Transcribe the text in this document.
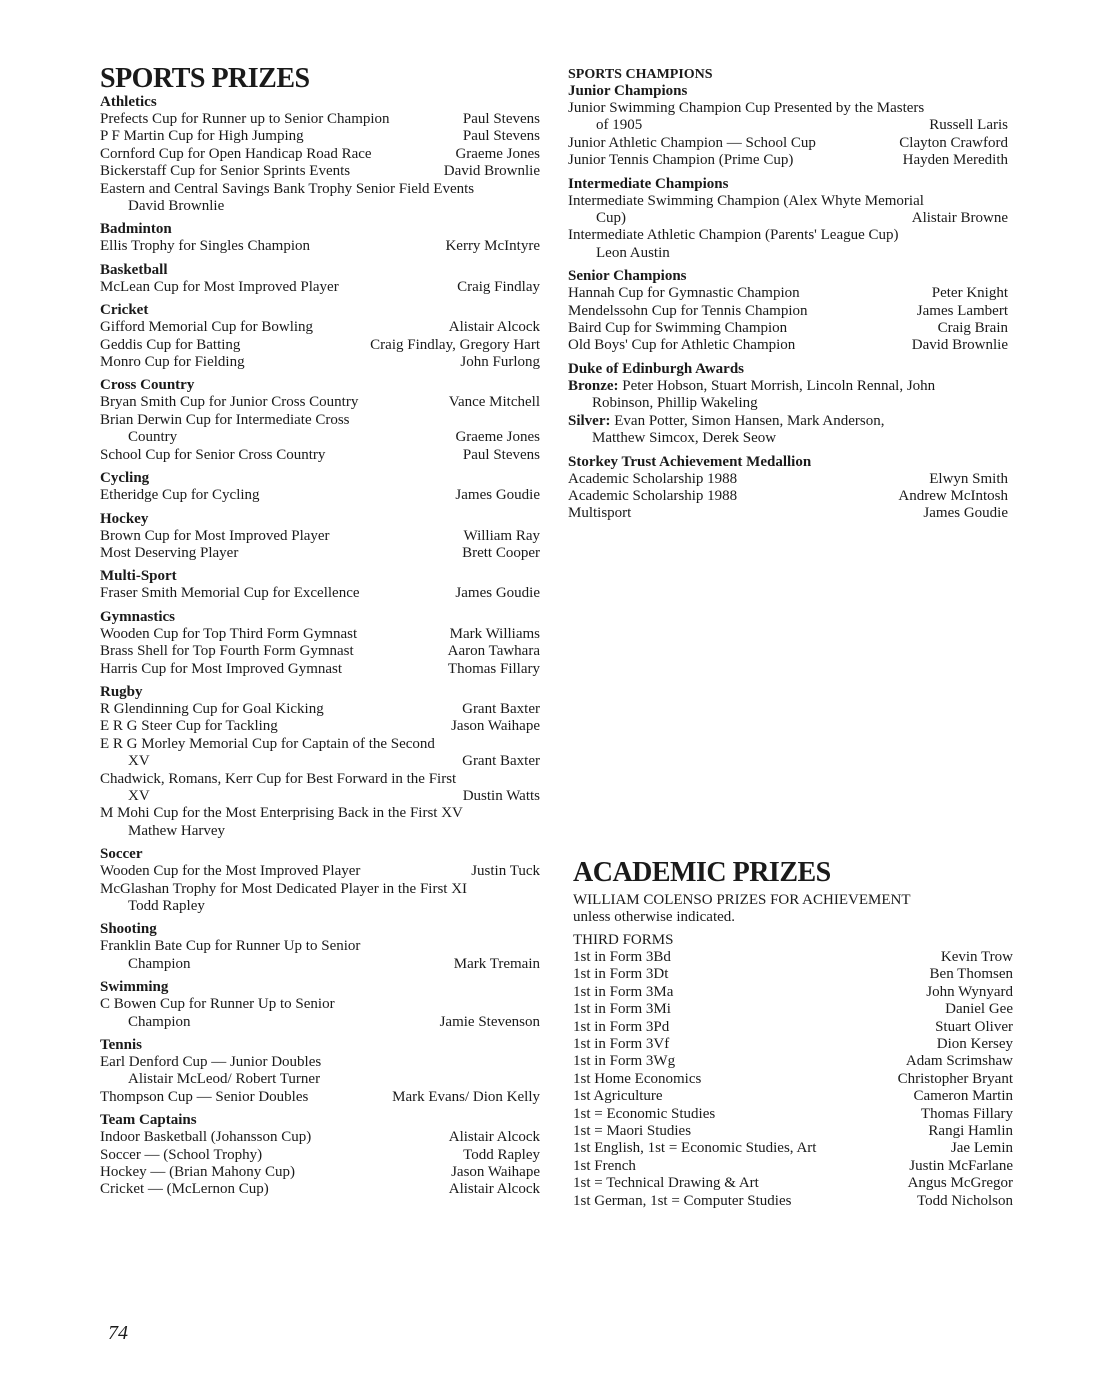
SPORTS PRIZES
Athletics
Prefects Cup for Runner up to Senior Champion	Paul Stevens
P F Martin Cup for High Jumping	Paul Stevens
Cornford Cup for Open Handicap Road Race	Graeme Jones
Bickerstaff Cup for Senior Sprints Events	David Brownlie
Eastern and Central Savings Bank Trophy Senior Field Events
David Brownlie
Badminton
Ellis Trophy for Singles Champion	Kerry McIntyre
Basketball
McLean Cup for Most Improved Player	Craig Findlay
Cricket
Gifford Memorial Cup for Bowling	Alistair Alcock
Geddis Cup for Batting	Craig Findlay, Gregory Hart
Monro Cup for Fielding	John Furlong
Cross Country
Bryan Smith Cup for Junior Cross Country	Vance Mitchell
Brian Derwin Cup for Intermediate Cross
Country	Graeme Jones
School Cup for Senior Cross Country	Paul Stevens
Cycling
Etheridge Cup for Cycling	James Goudie
Hockey
Brown Cup for Most Improved Player	William Ray
Most Deserving Player	Brett Cooper
Multi-Sport
Fraser Smith Memorial Cup for Excellence	James Goudie
Gymnastics
Wooden Cup for Top Third Form Gymnast	Mark Williams
Brass Shell for Top Fourth Form Gymnast	Aaron Tawhara
Harris Cup for Most Improved Gymnast	Thomas Fillary
Rugby
R Glendinning Cup for Goal Kicking	Grant Baxter
E R G Steer Cup for Tackling	Jason Waihape
E R G Morley Memorial Cup for Captain of the Second
XV	Grant Baxter
Chadwick, Romans, Kerr Cup for Best Forward in the First
XV	Dustin Watts
M Mohi Cup for the Most Enterprising Back in the First XV
Mathew Harvey
Soccer
Wooden Cup for the Most Improved Player	Justin Tuck
McGlashan Trophy for Most Dedicated Player in the First XI
Todd Rapley
Shooting
Franklin Bate Cup for Runner Up to Senior
Champion	Mark Tremain
Swimming
C Bowen Cup for Runner Up to Senior
Champion	Jamie Stevenson
Tennis
Earl Denford Cup — Junior Doubles
Alistair McLeod/ Robert Turner
Thompson Cup — Senior Doubles	Mark Evans/ Dion Kelly
Team Captains
Indoor Basketball (Johansson Cup)	Alistair Alcock
Soccer — (School Trophy)	Todd Rapley
Hockey — (Brian Mahony Cup)	Jason Waihape
Cricket — (McLernon Cup)	Alistair Alcock
SPORTS CHAMPIONS
Junior Champions
Junior Swimming Champion Cup Presented by the Masters
of 1905	Russell Laris
Junior Athletic Champion — School Cup	Clayton Crawford
Junior Tennis Champion (Prime Cup)	Hayden Meredith
Intermediate Champions
Intermediate Swimming Champion (Alex Whyte Memorial
Cup)	Alistair Browne
Intermediate Athletic Champion (Parents' League Cup)
Leon Austin
Senior Champions
Hannah Cup for Gymnastic Champion	Peter Knight
Mendelssohn Cup for Tennis Champion	James Lambert
Baird Cup for Swimming Champion	Craig Brain
Old Boys' Cup for Athletic Champion	David Brownlie
Duke of Edinburgh Awards
Bronze: Peter Hobson, Stuart Morrish, Lincoln Rennal, John
Robinson, Phillip Wakeling
Silver: Evan Potter, Simon Hansen, Mark Anderson,
Matthew Simcox, Derek Seow
Storkey Trust Achievement Medallion
Academic Scholarship 1988	Elwyn Smith
Academic Scholarship 1988	Andrew McIntosh
Multisport	James Goudie
ACADEMIC PRIZES
WILLIAM COLENSO PRIZES FOR ACHIEVEMENT
unless otherwise indicated.
THIRD FORMS
1st in Form 3Bd	Kevin Trow
1st in Form 3Dt	Ben Thomsen
1st in Form 3Ma	John Wynyard
1st in Form 3Mi	Daniel Gee
1st in Form 3Pd	Stuart Oliver
1st in Form 3Vf	Dion Kersey
1st in Form 3Wg	Adam Scrimshaw
1st Home Economics	Christopher Bryant
1st Agriculture	Cameron Martin
1st = Economic Studies	Thomas Fillary
1st = Maori Studies	Rangi Hamlin
1st English, 1st = Economic Studies, Art	Jae Lemin
1st French	Justin McFarlane
1st = Technical Drawing & Art	Angus McGregor
1st German, 1st = Computer Studies	Todd Nicholson
74
